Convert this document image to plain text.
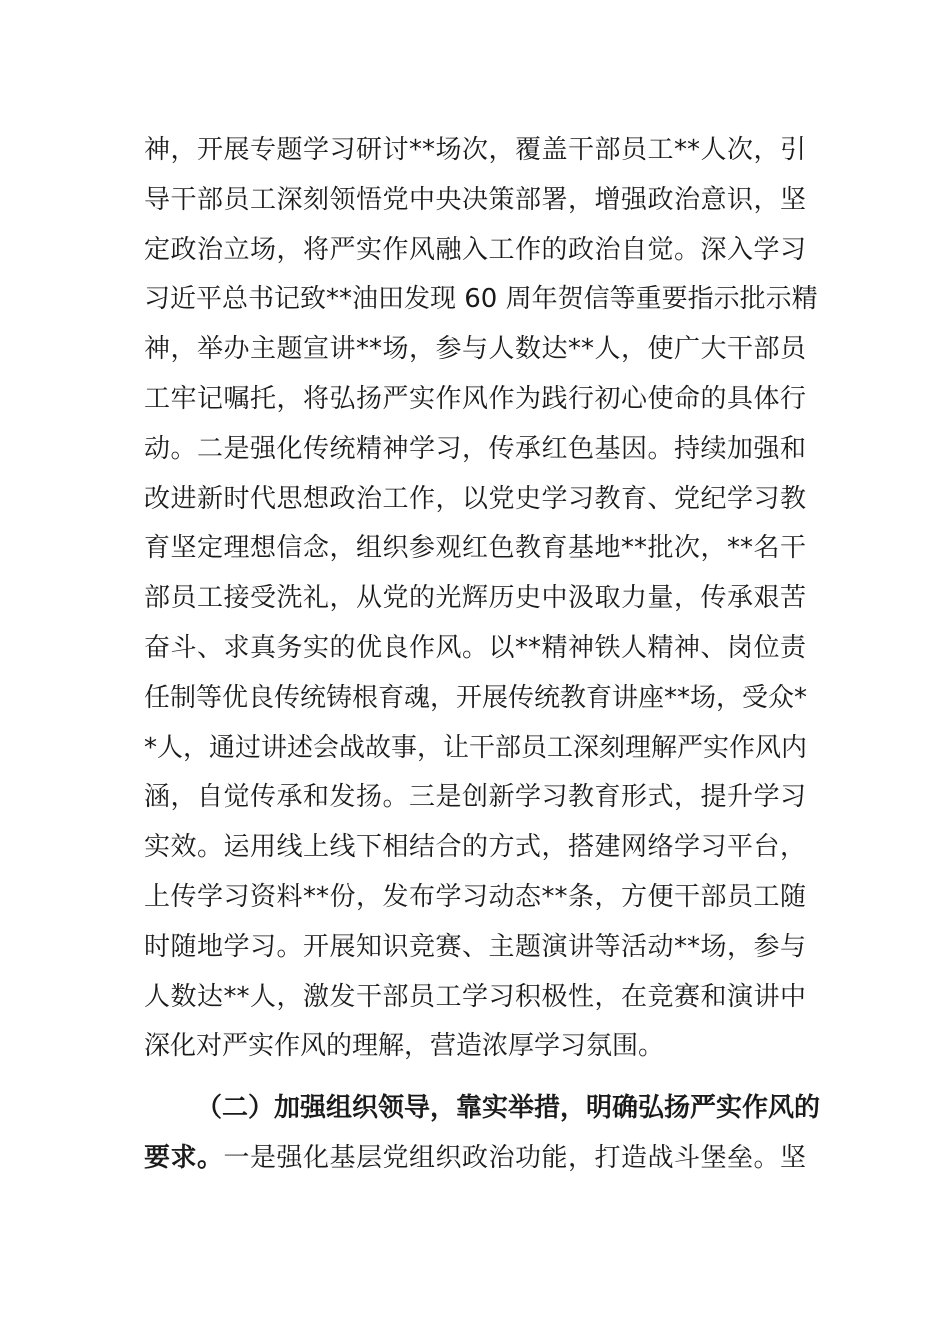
神，开展专题学习研讨**场次，覆盖干部员工**人次，引
导干部员工深刻领悟党中央决策部署，增强政治意识，坚
定政治立场，将严实作风融入工作的政治自觉。深入学习
习近平总书记致**油田发现 60 周年贺信等重要指示批示精
神，举办主题宣讲**场，参与人数达**人，使广大干部员
工牢记嘱托，将弘扬严实作风作为践行初心使命的具体行
动。二是强化传统精神学习，传承红色基因。持续加强和
改进新时代思想政治工作，以党史学习教育、党纪学习教
育坚定理想信念，组织参观红色教育基地**批次，**名干
部员工接受洗礼，从党的光辉历史中汲取力量，传承艰苦
奋斗、求真务实的优良作风。以**精神铁人精神、岗位责
任制等优良传统铸根育魂，开展传统教育讲座**场，受众*
*人，通过讲述会战故事，让干部员工深刻理解严实作风内
涵，自觉传承和发扬。三是创新学习教育形式，提升学习
实效。运用线上线下相结合的方式，搭建网络学习平台，
上传学习资料**份，发布学习动态**条，方便干部员工随
时随地学习。开展知识竞赛、主题演讲等活动**场，参与
人数达**人，激发干部员工学习积极性，在竞赛和演讲中
深化对严实作风的理解，营造浓厚学习氛围。
（二）加强组织领导，靠实举措，明确弘扬严实作风的
要求。一是强化基层党组织政治功能，打造战斗堡垒。坚
